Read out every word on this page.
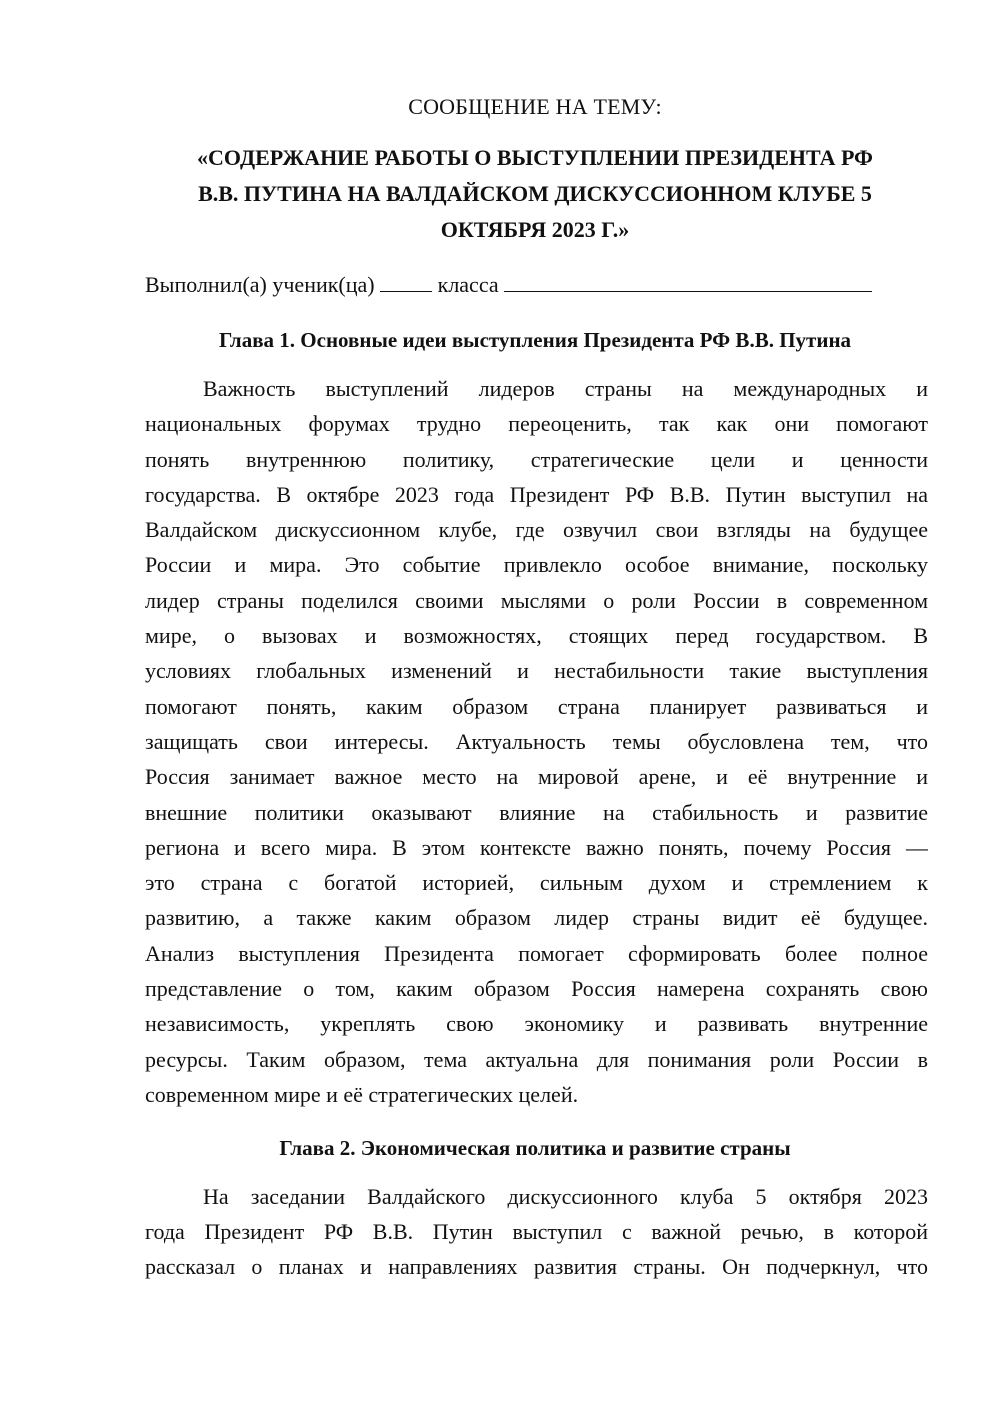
СООБЩЕНИЕ НА ТЕМУ:
«СОДЕРЖАНИЕ РАБОТЫ О ВЫСТУПЛЕНИИ ПРЕЗИДЕНТА РФ
В.В. ПУТИНА НА ВАЛДАЙСКОМ ДИСКУССИОННОМ КЛУБЕ 5
ОКТЯБРЯ 2023 Г.»
Выполнил(а) ученик(ца)	класса
Глава 1. Основные идеи выступления Президента РФ В.В. Путина
Важность выступлений лидеров страны на международных и
национальных форумах трудно переоценить, так как они помогают
понять внутреннюю политику, стратегические цели и ценности
государства. В октябре 2023 года Президент РФ В.В. Путин выступил на
Валдайском дискуссионном клубе, где озвучил свои взгляды на будущее
России и мира. Это событие привлекло особое внимание, поскольку
лидер страны поделился своими мыслями о роли России в современном
мире, о вызовах и возможностях, стоящих перед государством. В
условиях глобальных изменений и нестабильности такие выступления
помогают понять, каким образом страна планирует развиваться и
защищать свои интересы. Актуальность темы обусловлена тем, что
Россия занимает важное место на мировой арене, и её внутренние и
внешние политики оказывают влияние на стабильность и развитие
региона и всего мира. В этом контексте важно понять, почему Россия —
это страна с богатой историей, сильным духом и стремлением к
развитию, а также каким образом лидер страны видит её будущее.
Анализ выступления Президента помогает сформировать более полное
представление о том, каким образом Россия намерена сохранять свою
независимость, укреплять свою экономику и развивать внутренние
ресурсы. Таким образом, тема актуальна для понимания роли России в
современном мире и её стратегических целей.
Глава 2. Экономическая политика и развитие страны
На заседании Валдайского дискуссионного клуба 5 октября 2023
года Президент РФ В.В. Путин выступил с важной речью, в которой
рассказал о планах и направлениях развития страны. Он подчеркнул, что
